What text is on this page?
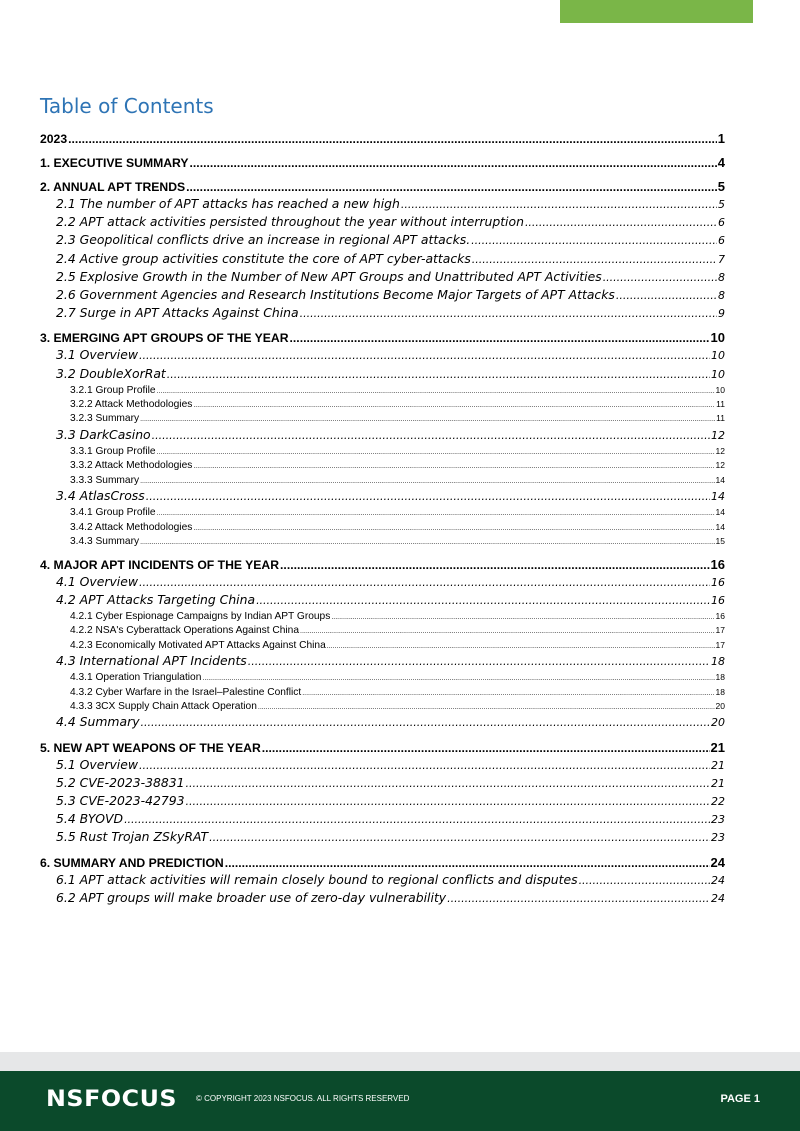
Table of Contents
2023 .....	1
1. EXECUTIVE SUMMARY .....	4
2. ANNUAL APT TRENDS .....	5
2.1 The number of APT attacks has reached a new high .....	5
2.2 APT attack activities persisted throughout the year without interruption .....	6
2.3 Geopolitical conflicts drive an increase in regional APT attacks. .....	6
2.4 Active group activities constitute the core of APT cyber-attacks .....	7
2.5 Explosive Growth in the Number of New APT Groups and Unattributed APT Activities .....	8
2.6 Government Agencies and Research Institutions Become Major Targets of APT Attacks .....	8
2.7 Surge in APT Attacks Against China .....	9
3. EMERGING APT GROUPS OF THE YEAR .....	10
3.1 Overview .....	10
3.2 DoubleXorRat .....	10
3.2.1 Group Profile .....	10
3.2.2 Attack Methodologies .....	11
3.2.3 Summary .....	11
3.3 DarkCasino .....	12
3.3.1 Group Profile .....	12
3.3.2 Attack Methodologies .....	12
3.3.3 Summary .....	14
3.4 AtlasCross .....	14
3.4.1 Group Profile .....	14
3.4.2 Attack Methodologies .....	14
3.4.3 Summary .....	15
4. MAJOR APT INCIDENTS OF THE YEAR .....	16
4.1 Overview .....	16
4.2 APT Attacks Targeting China .....	16
4.2.1 Cyber Espionage Campaigns by Indian APT Groups .....	16
4.2.2 NSA's Cyberattack Operations Against China .....	17
4.2.3 Economically Motivated APT Attacks Against China .....	17
4.3 International APT Incidents .....	18
4.3.1 Operation Triangulation .....	18
4.3.2 Cyber Warfare in the Israel–Palestine Conflict .....	18
4.3.3 3CX Supply Chain Attack Operation .....	20
4.4 Summary .....	20
5. NEW APT WEAPONS OF THE YEAR .....	21
5.1 Overview .....	21
5.2 CVE-2023-38831 .....	21
5.3 CVE-2023-42793 .....	22
5.4 BYOVD .....	23
5.5 Rust Trojan ZSkyRAT .....	23
6. SUMMARY AND PREDICTION .....	24
6.1 APT attack activities will remain closely bound to regional conflicts and disputes .....	24
6.2 APT groups will make broader use of zero-day vulnerability .....	24
NSFOCUS © COPYRIGHT 2023 NSFOCUS. ALL RIGHTS RESERVED	PAGE 1
